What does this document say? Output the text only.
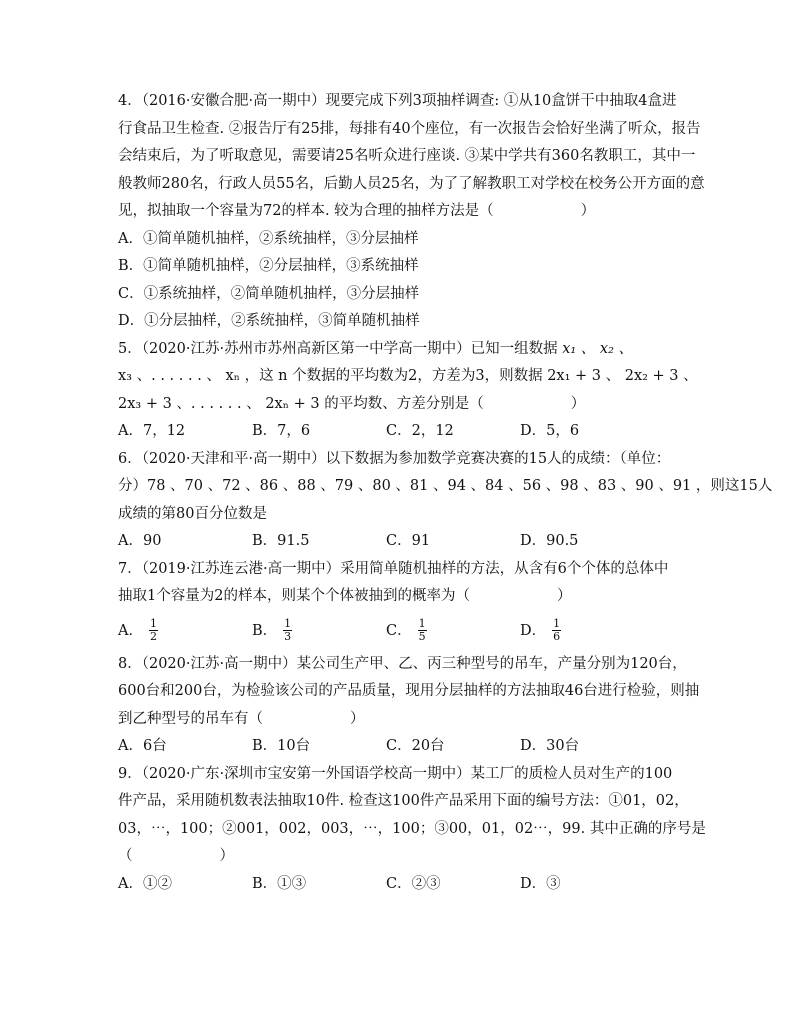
4．（2016·安徽合肥·高一期中）现要完成下列3项抽样调查: ①从10盒饼干中抽取4盒进
行食品卫生检查. ②报告厅有25排，每排有40个座位，有一次报告会恰好坐满了听众，报告
会结束后，为了听取意见，需要请25名听众进行座谈. ③某中学共有360名教职工，其中一
般教师280名，行政人员55名，后勤人员25名，为了了解教职工对学校在校务公开方面的意
见，拟抽取一个容量为72的样本. 较为合理的抽样方法是（　　　　　　）
A．①简单随机抽样，②系统抽样，③分层抽样
B．①简单随机抽样，②分层抽样，③系统抽样
C．①系统抽样，②简单随机抽样，③分层抽样
D．①分层抽样，②系统抽样，③简单随机抽样
5．（2020·江苏·苏州市苏州高新区第一中学高一期中）已知一组数据 x₁ 、 x₂ 、
x₃ 、. . . . . . 、 xₙ ，这 n 个数据的平均数为2，方差为3，则数据 2x₁ + 3 、 2x₂ + 3 、
2x₃ + 3 、. . . . . . 、 2xₙ + 3 的平均数、方差分别是（　　　　　　）
A．7，12	B．7，6	C．2，12	D．5，6
6．（2020·天津和平·高一期中）以下数据为参加数学竞赛决赛的15人的成绩：（单位：
分）78 、70 、72 、86 、88 、79 、80 、81 、94 、84 、56 、98 、83 、90 、91 ，则这15人
成绩的第80百分位数是
A．90	B．91.5	C．91	D．90.5
7．（2019·江苏连云港·高一期中）采用简单随机抽样的方法，从含有6个个体的总体中
抽取1个容量为2的样本，则某个个体被抽到的概率为（　　　　　　）
A． $\frac{1}{2}$	B． $\frac{1}{3}$	C． $\frac{1}{5}$	D． $\frac{1}{6}$
8．（2020·江苏·高一期中）某公司生产甲、乙、丙三种型号的吊车，产量分别为120台，
600台和200台，为检验该公司的产品质量，现用分层抽样的方法抽取46台进行检验，则抽
到乙种型号的吊车有（　　　　　　）
A．6台	B．10台	C．20台	D．30台
9．（2020·广东·深圳市宝安第一外国语学校高一期中）某工厂的质检人员对生产的100
件产品，采用随机数表法抽取10件. 检查这100件产品采用下面的编号方法：①01，02，
03，⋯，100；②001，002，003，⋯，100；③00，01，02⋯，99. 其中正确的序号是
（　　　　　　）
A．①②	B．①③	C．②③	D．③
